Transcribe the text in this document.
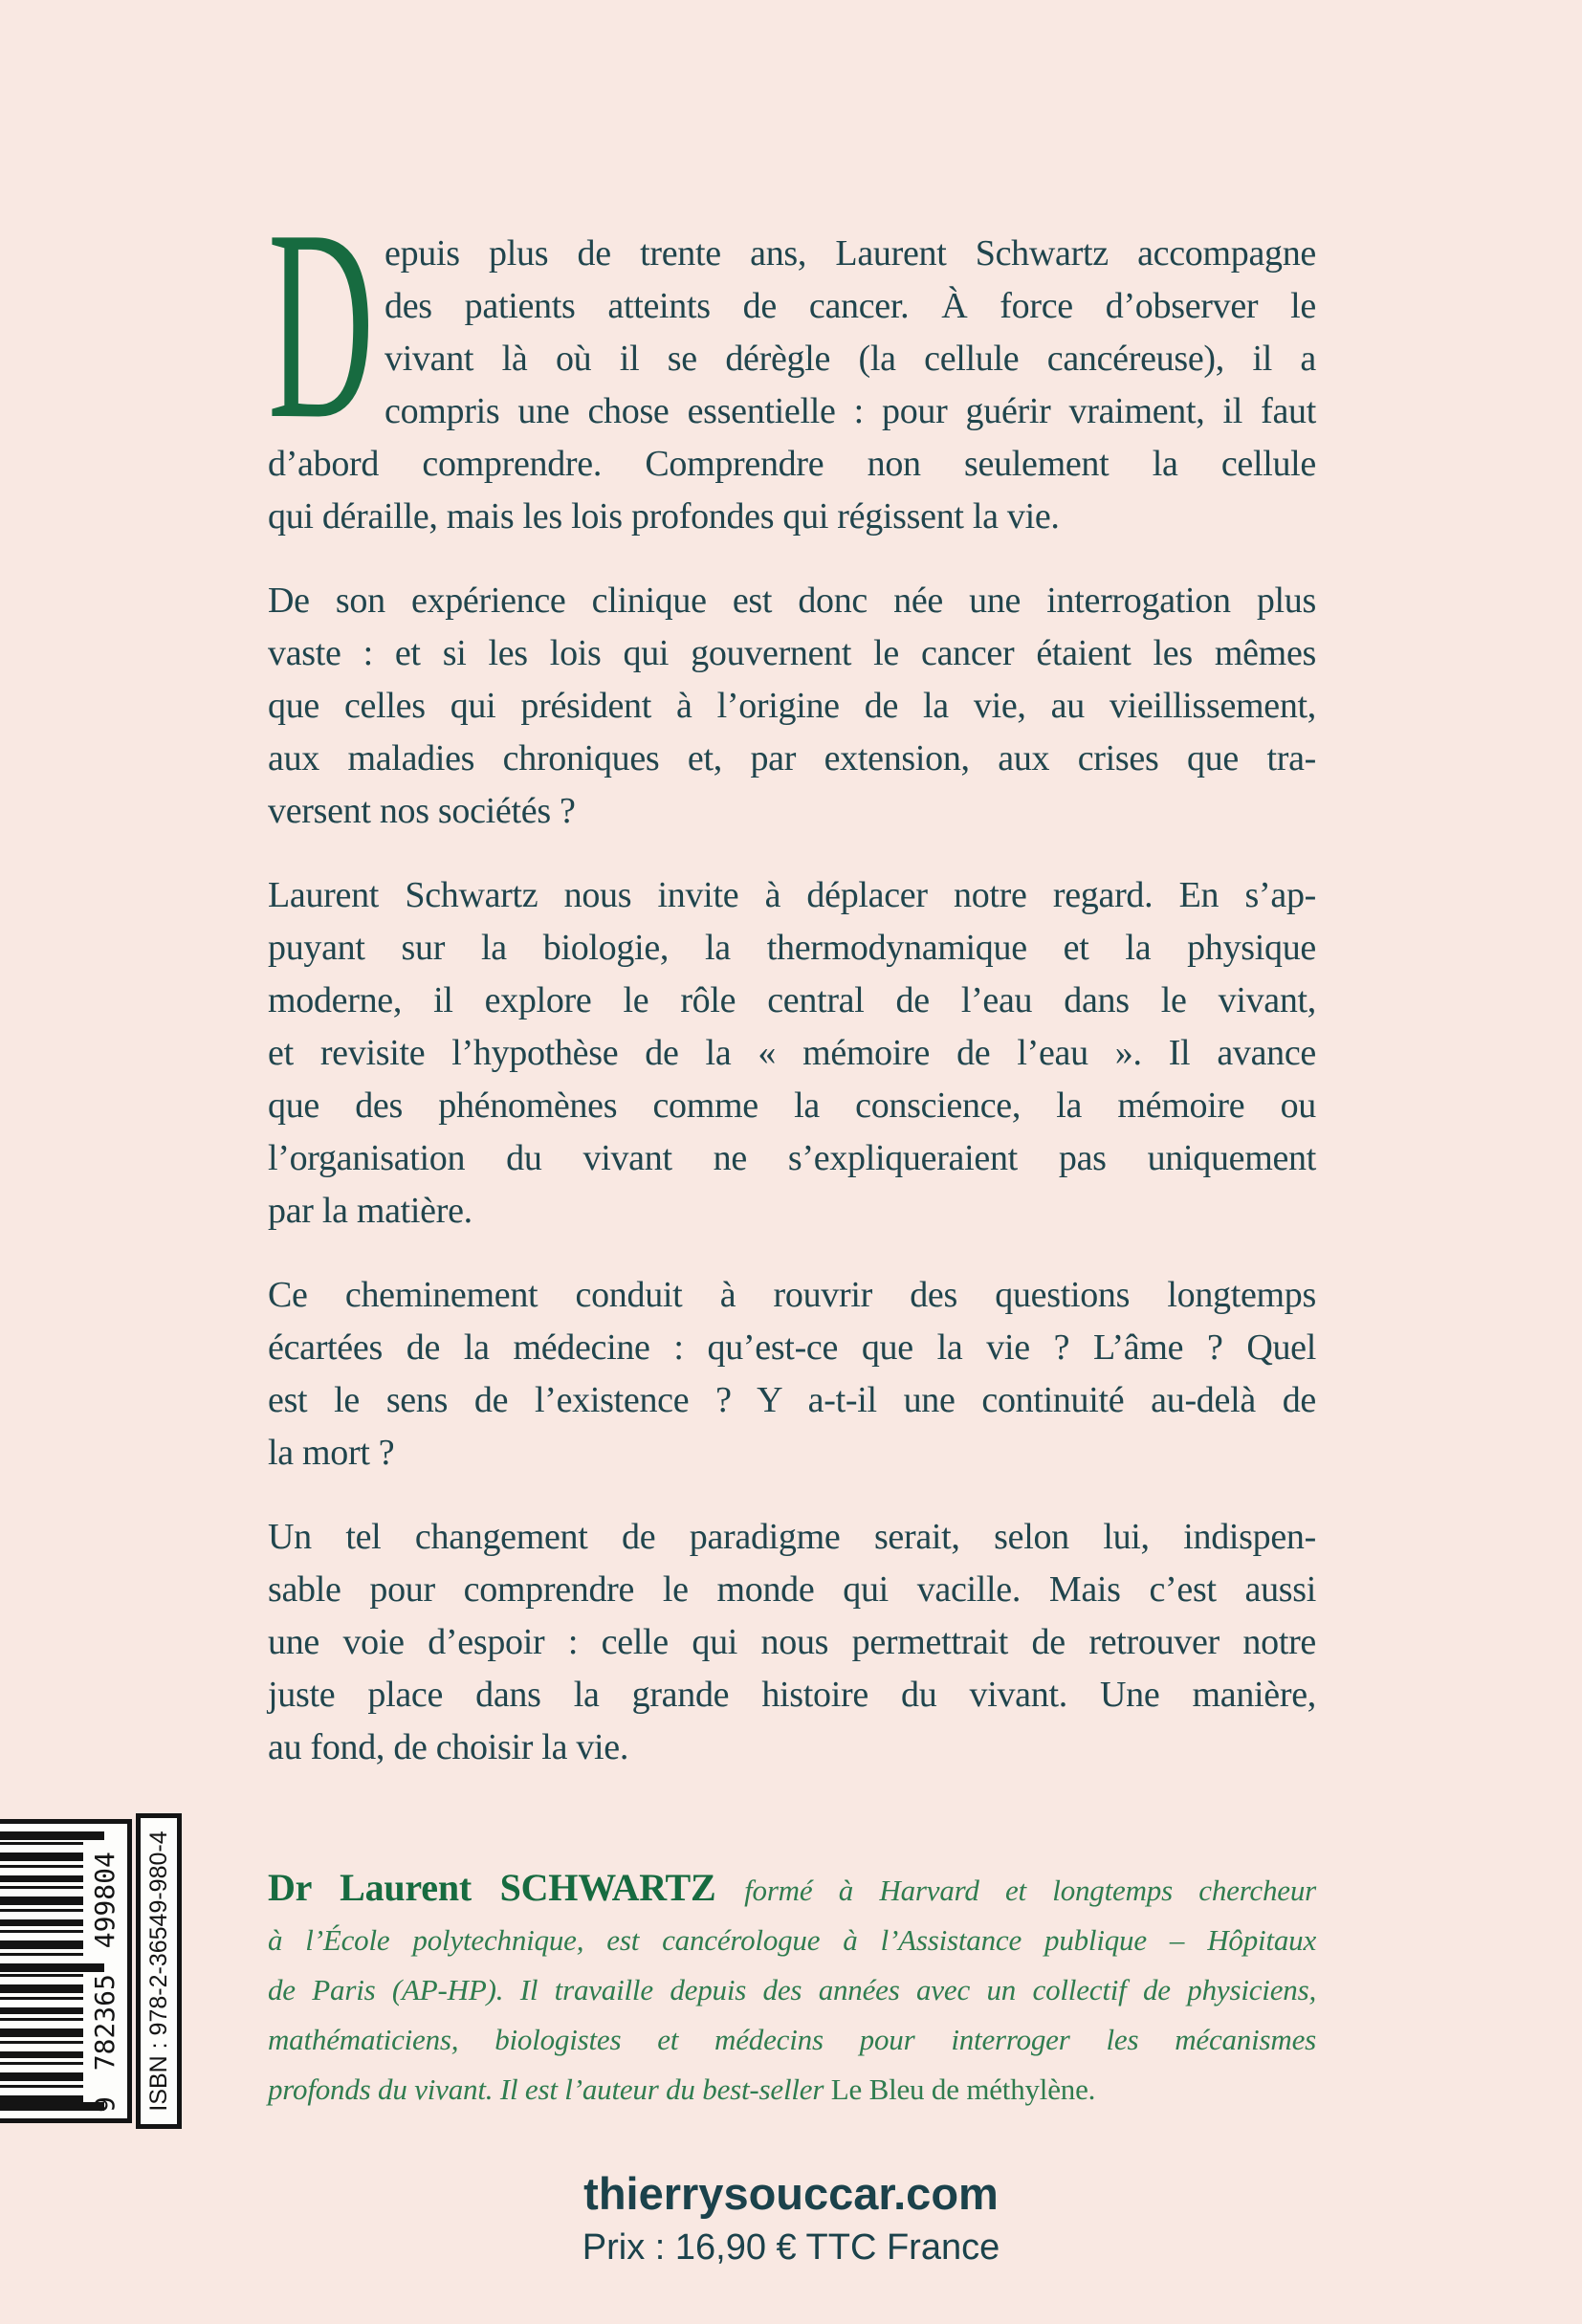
D epuis plus de trente ans, Laurent Schwartz accompagne
des patients atteints de cancer. À force d’observer le
vivant là où il se dérègle (la cellule cancéreuse), il a
compris une chose essentielle : pour guérir vraiment, il faut
d’abord comprendre. Comprendre non seulement la cellule
qui déraille, mais les lois profondes qui régissent la vie.
De son expérience clinique est donc née une interrogation plus
vaste : et si les lois qui gouvernent le cancer étaient les mêmes
que celles qui président à l’origine de la vie, au vieillissement,
aux maladies chroniques et, par extension, aux crises que tra-
versent nos sociétés ?
Laurent Schwartz nous invite à déplacer notre regard. En s’ap-
puyant sur la biologie, la thermodynamique et la physique
moderne, il explore le rôle central de l’eau dans le vivant,
et revisite l’hypothèse de la « mémoire de l’eau ». Il avance
que des phénomènes comme la conscience, la mémoire ou
l’organisation du vivant ne s’expliqueraient pas uniquement
par la matière.
Ce cheminement conduit à rouvrir des questions longtemps
écartées de la médecine : qu’est-ce que la vie ? L’âme ? Quel
est le sens de l’existence ? Y a-t-il une continuité au-delà de
la mort ?
Un tel changement de paradigme serait, selon lui, indispen-
sable pour comprendre le monde qui vacille. Mais c’est aussi
une voie d’espoir : celle qui nous permettrait de retrouver notre
juste place dans la grande histoire du vivant. Une manière,
au fond, de choisir la vie.
Dr Laurent SCHWARTZ formé à Harvard et longtemps chercheur
à l’École polytechnique, est cancérologue à l’Assistance publique – Hôpitaux
de Paris (AP-HP). Il travaille depuis des années avec un collectif de physiciens,
mathématiciens, biologistes et médecins pour interroger les mécanismes
profonds du vivant. Il est l’auteur du best-seller Le Bleu de méthylène.
9 782365 499804 ISBN : 978-2-36549-980-4
thierrysouccar.com
Prix : 16,90 € TTC France
